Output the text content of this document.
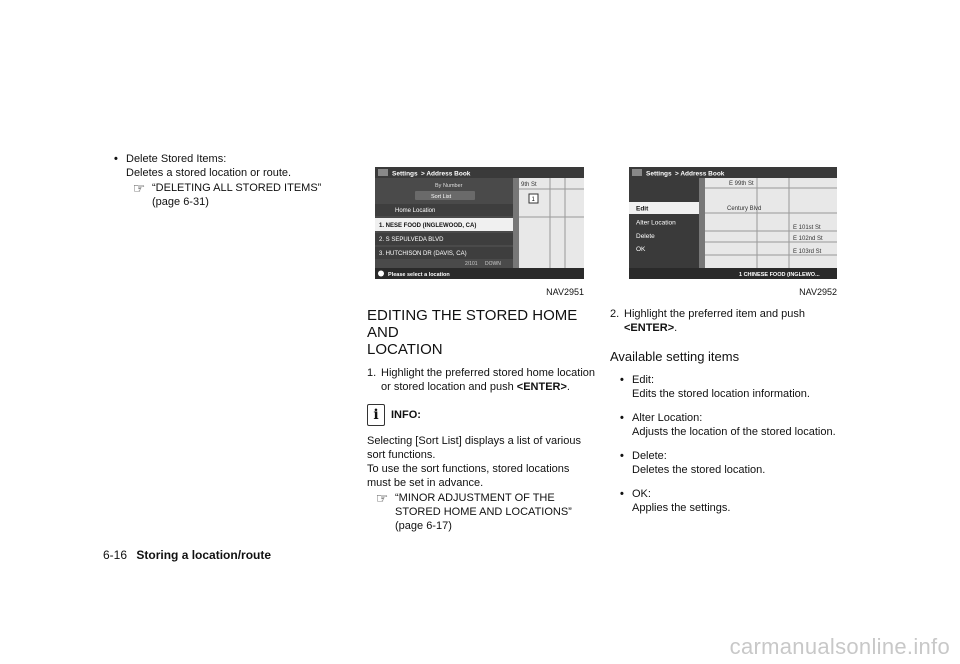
• Delete Stored Items:
Deletes a stored location or route.
☞ “DELETING ALL STORED ITEMS”
(page 6-31)
Settings > Address Book
By Number
Sort List
Home Location
1. NESE FOOD (INGLEWOOD, CA)
2. S SEPULVEDA BLVD
3. HUTCHISON DR (DAVIS, CA)
2/101 DOWN
9th St
1
Please select a location
NAV2951
Settings > Address Book
Edit
Alter Location
Delete
OK
E 99th St
Century Blvd
E 101st St
E 102nd St
E 103rd St
1 CHINESE FOOD (INGLEWO...
NAV2952
EDITING THE STORED HOME AND
LOCATION
1. Highlight the preferred stored home location
or stored location and push <ENTER>.
i	INFO:
Selecting [Sort List] displays a list of various
sort functions.
To use the sort functions, stored locations
must be set in advance.
☞ “MINOR ADJUSTMENT OF THE
STORED HOME AND LOCATIONS”
(page 6-17)
2. Highlight the preferred item and push
<ENTER>.
Available setting items
• Edit:
Edits the stored location information.
• Alter Location:
Adjusts the location of the stored location.
• Delete:
Deletes the stored location.
• OK:
Applies the settings.
6-16 Storing a location/route
carmanualsonline.info
